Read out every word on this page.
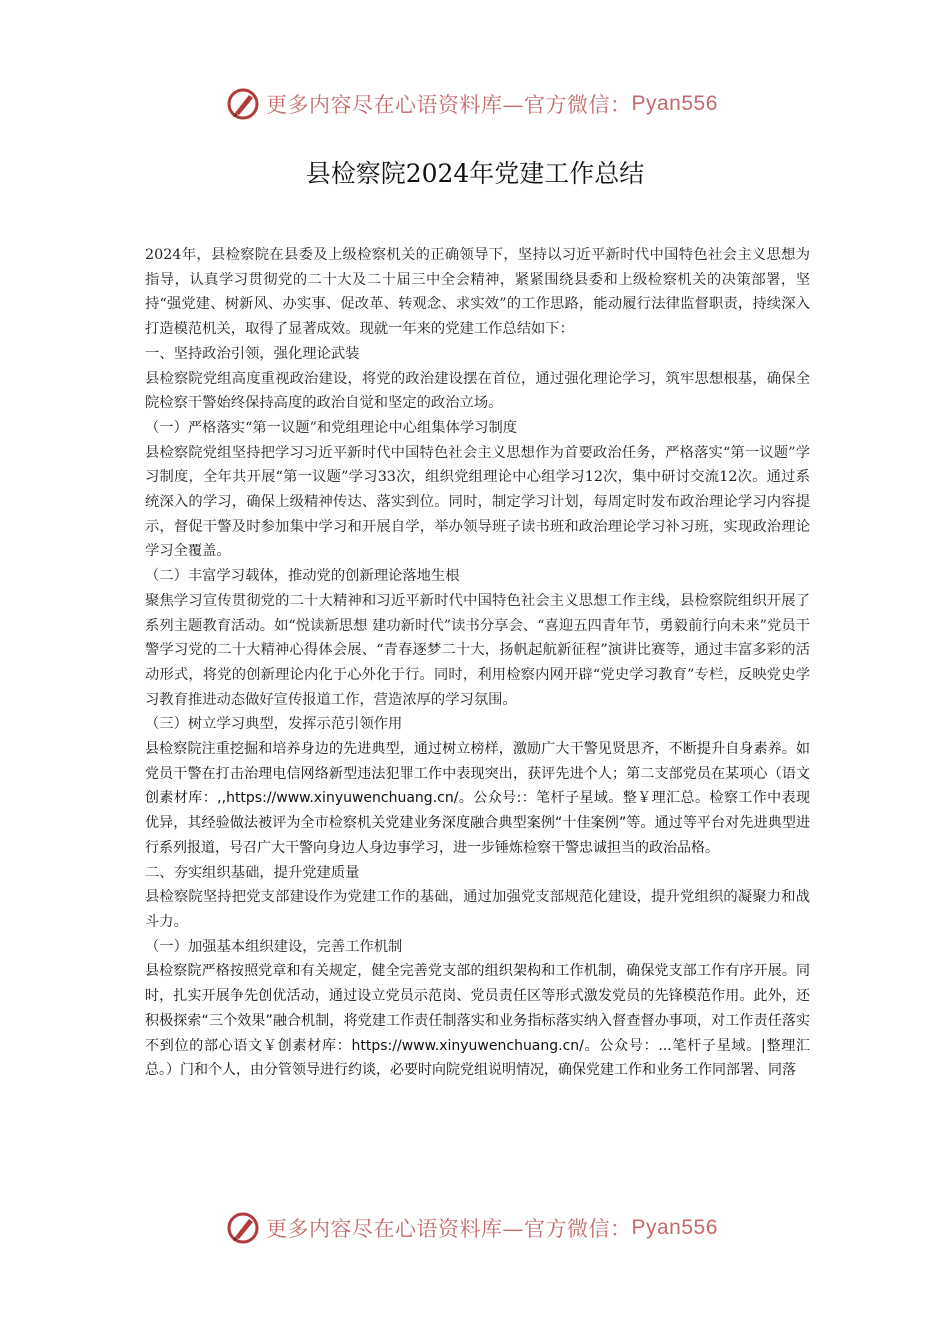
更多内容尽在心语资料库—官方微信： Pyan556
县检察院2024年党建工作总结

2024年，县检察院在县委及上级检察机关的正确领导下，坚持以习近平新时代中国特色社会主义思想为指导，认真学习贯彻党的二十大及二十届三中全会精神，紧紧围绕县委和上级检察机关的决策部署，坚持“强党建、树新风、办实事、促改革、转观念、求实效”的工作思路，能动履行法律监督职责，持续深入打造模范机关，取得了显著成效。现就一年来的党建工作总结如下：

一、坚持政治引领，强化理论武装

县检察院党组高度重视政治建设，将党的政治建设摆在首位，通过强化理论学习，筑牢思想根基，确保全院检察干警始终保持高度的政治自觉和坚定的政治立场。

（一）严格落实“第一议题”和党组理论中心组集体学习制度

县检察院党组坚持把学习习近平新时代中国特色社会主义思想作为首要政治任务，严格落实“第一议题”学习制度，全年共开展“第一议题”学习33次，组织党组理论中心组学习12次，集中研讨交流12次。通过系统深入的学习，确保上级精神传达、落实到位。同时，制定学习计划，每周定时发布政治理论学习内容提示，督促干警及时参加集中学习和开展自学，举办领导班子读书班和政治理论学习补习班，实现政治理论学习全覆盖。

（二）丰富学习载体，推动党的创新理论落地生根

聚焦学习宣传贯彻党的二十大精神和习近平新时代中国特色社会主义思想工作主线，县检察院组织开展了系列主题教育活动。如“悦读新思想 建功新时代”读书分享会、“喜迎五四青年节，勇毅前行向未来”党员干警学习党的二十大精神心得体会展、“青春逐梦二十大，扬帆起航新征程”演讲比赛等，通过丰富多彩的活动形式，将党的创新理论内化于心外化于行。同时，利用检察内网开辟“党史学习教育”专栏，反映党史学习教育推进动态做好宣传报道工作，营造浓厚的学习氛围。

（三）树立学习典型，发挥示范引领作用

县检察院注重挖掘和培养身边的先进典型，通过树立榜样，激励广大干警见贤思齐，不断提升自身素养。如党员干警在打击治理电信网络新型违法犯罪工作中表现突出，获评先进个人；第二支部党员在某项心（语文创素材库：,,https://www.xinyuwenchuang.cn/。公众号:：笔杆子星域。整￥理汇总。检察工作中表现优异，其经验做法被评为全市检察机关党建业务深度融合典型案例“十佳案例”等。通过等平台对先进典型进行系列报道，号召广大干警向身边人身边事学习，进一步锤炼检察干警忠诚担当的政治品格。

二、夯实组织基础，提升党建质量

县检察院坚持把党支部建设作为党建工作的基础，通过加强党支部规范化建设，提升党组织的凝聚力和战斗力。

（一）加强基本组织建设，完善工作机制

县检察院严格按照党章和有关规定，健全完善党支部的组织架构和工作机制，确保党支部工作有序开展。同时，扎实开展争先创优活动，通过设立党员示范岗、党员责任区等形式激发党员的先锋模范作用。此外，还积极探索“三个效果”融合机制，将党建工作责任制落实和业务指标落实纳入督查督办事项，对工作责任落实不到位的部心语文￥创素材库：https://www.xinyuwenchuang.cn/。公众号：...笔杆子星域。|整理汇总。）门和个人，由分管领导进行约谈，必要时向院党组说明情况，确保党建工作和业务工作同部署、同落

更多内容尽在心语资料库—官方微信： Pyan556
